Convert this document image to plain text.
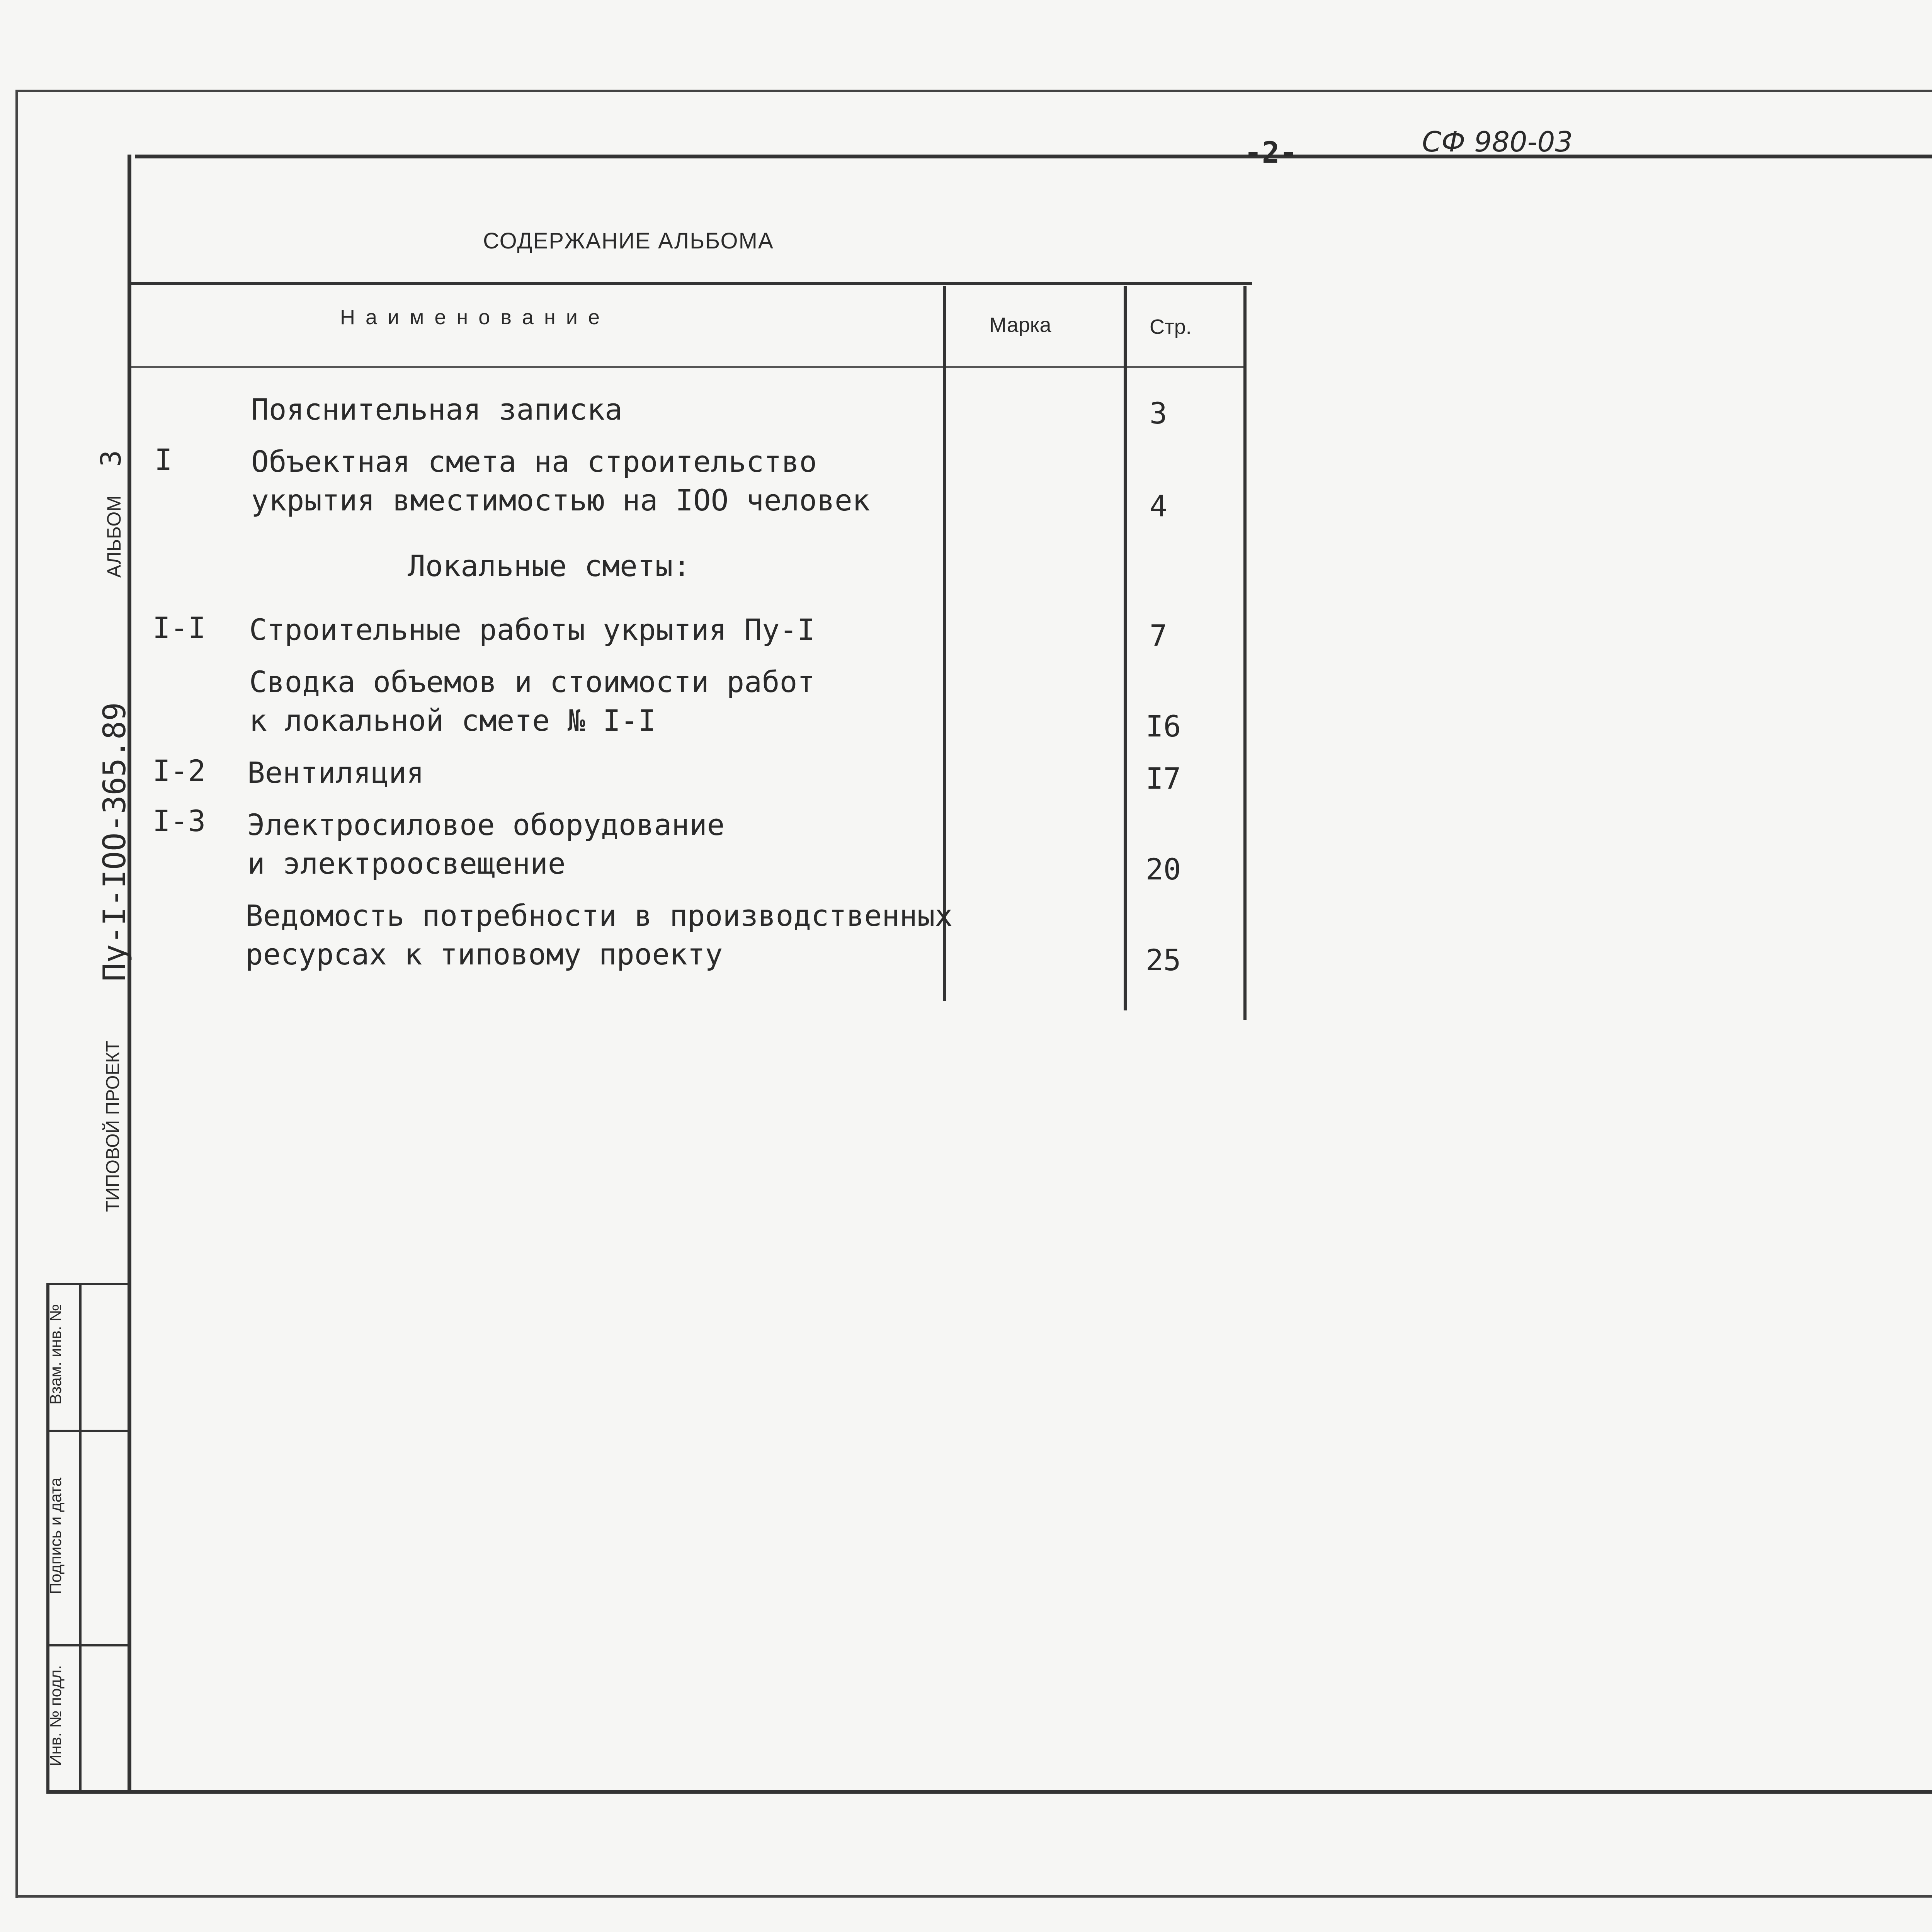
-2-	СФ 980-03
СОДЕРЖАНИЕ АЛЬБОМА
Н а и м е н о в а н и е	Марка	Стр.
Пояснительная записка	3
I	Объектная смета на строительство
укрытия вместимостью на IOO человек	4
Локальные сметы:
I-I Строительные работы укрытия Пу-I	7
Сводка объемов и стоимости работ
к локальной смете № I-I	I6
I-2 Вентиляция	I7
I-3 Электросиловое оборудование
и электроосвещение	20
Ведомость потребности в производственных
ресурсах к типовому проекту	25
АЛЬБОМ 3
Пу-I-IOO-365.89
ТИПОВОЙ ПРОЕКТ
Взам. инв. №
Подпись и дата
Инв. № подл.
